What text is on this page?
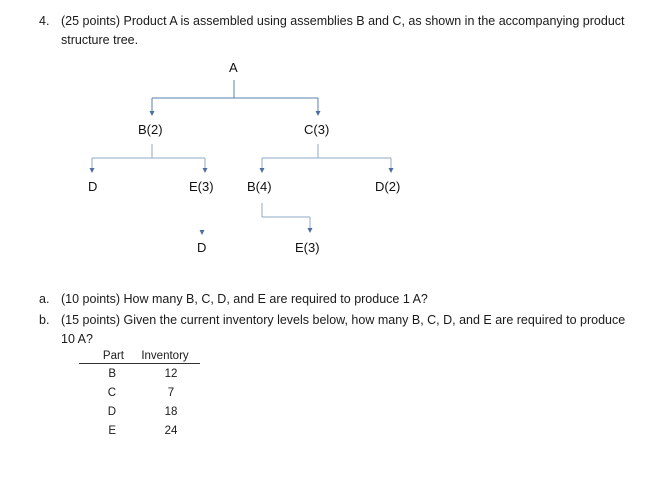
4. (25 points) Product A is assembled using assemblies B and C, as shown in the accompanying product
structure tree.
A
B(2)	C(3)
D	E(3)	B(4)	D(2)
D	E(3)
a. (10 points) How many B, C, D, and E are required to produce 1 A?
b. (15 points) Given the current inventory levels below, how many B, C, D, and E are required to produce
10 A?
Part	Inventory
B	12
C	7
D	18
E	24
